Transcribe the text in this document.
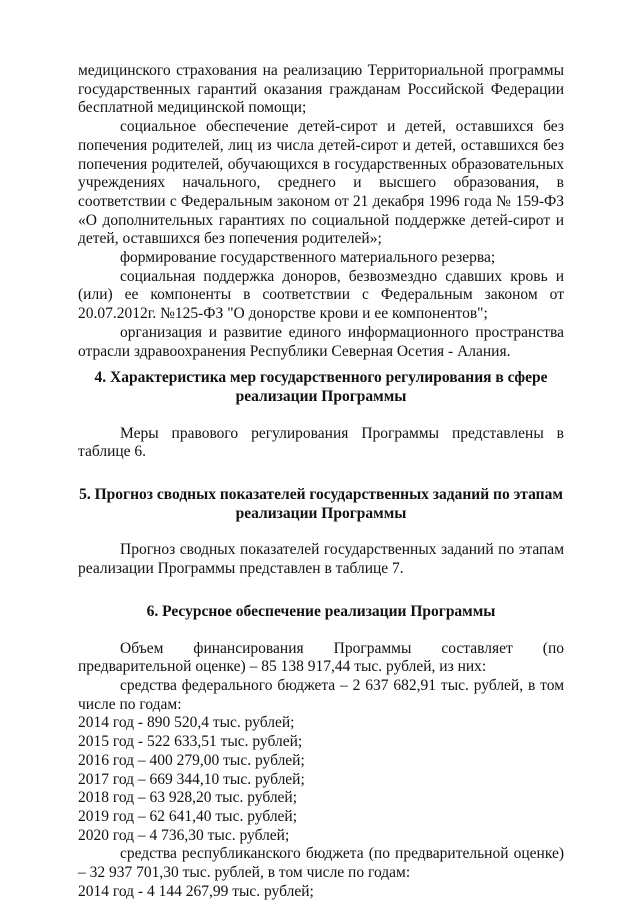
медицинского страхования на реализацию Территориальной программы государственных гарантий оказания гражданам Российской Федерации бесплатной медицинской помощи;

социальное обеспечение детей-сирот и детей, оставшихся без попечения родителей, лиц из числа детей-сирот и детей, оставшихся без попечения родителей, обучающихся в государственных образовательных учреждениях начального, среднего и высшего образования, в соответствии с Федеральным законом от 21 декабря 1996 года № 159-ФЗ «О дополнительных гарантиях по социальной поддержке детей-сирот и детей, оставшихся без попечения родителей»;

формирование государственного материального резерва;

социальная поддержка доноров, безвозмездно сдавших кровь и (или) ее компоненты в соответствии с Федеральным законом от 20.07.2012г. №125-ФЗ "О донорстве крови и ее компонентов";

организация и развитие единого информационного пространства отрасли здравоохранения Республики Северная Осетия - Алания.

4. Характеристика мер государственного регулирования в сфере
реализации Программы

Меры правового регулирования Программы представлены в таблице 6.

5. Прогноз сводных показателей государственных заданий по этапам
реализации Программы

Прогноз сводных показателей государственных заданий по этапам реализации Программы представлен в таблице 7.

6. Ресурсное обеспечение реализации Программы

Объем финансирования Программы составляет (по предварительной оценке) – 85 138 917,44 тыс. рублей, из них:

средства федерального бюджета – 2 637 682,91 тыс. рублей, в том числе по годам:

2014 год - 890 520,4 тыс. рублей;

2015 год - 522 633,51 тыс. рублей;

2016 год – 400 279,00 тыс. рублей;

2017 год – 669 344,10 тыс. рублей;

2018 год – 63 928,20 тыс. рублей;

2019 год – 62 641,40 тыс. рублей;

2020 год – 4 736,30 тыс. рублей;

средства республиканского бюджета (по предварительной оценке) – 32 937 701,30 тыс. рублей, в том числе по годам:

2014 год - 4 144 267,99 тыс. рублей;
